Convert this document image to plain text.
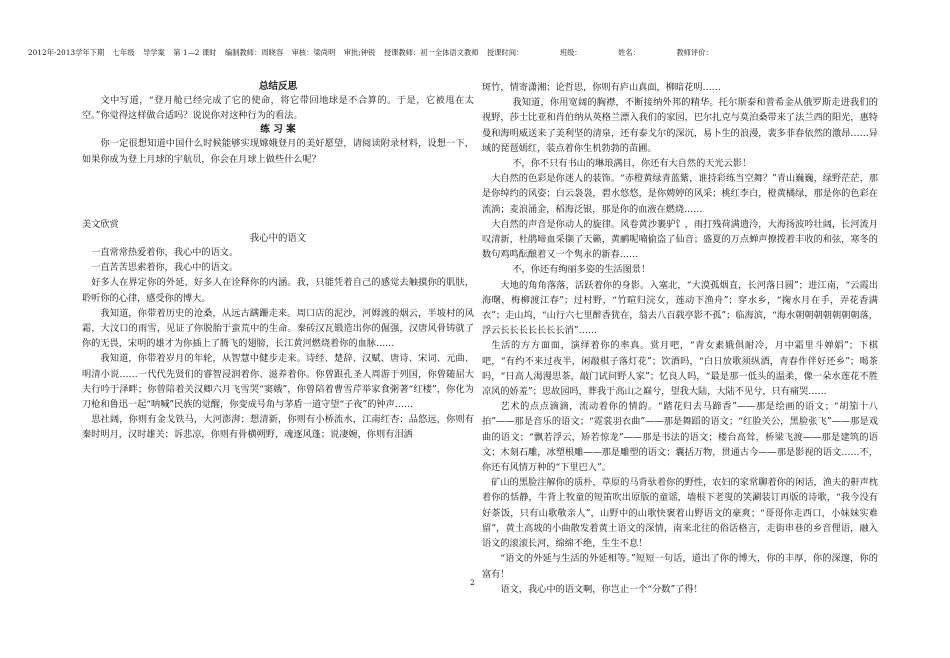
2012年-2013学年下期 七年级 导学案 第 1—2 课时 编制教师：周晓容 审核：梁尚明 审批;钟锐 授课教师：初一全体语文教师 授课时间：	班级：	姓名：	教师评价：

总结反思

文中写道，“登月舱已经完成了它的使命，将它带回地球是不合算的。于是，它被甩在太空。”你觉得这样做合适吗？说说你对这种行为的看法。

练 习 案

你一定很想知道中国什么时候能够实现嫦娥登月的美好愿望，请阅读附录材料，设想一下，如果你成为登上月球的宇航员，你会在月球上做些什么呢？

美文欣赏

我心中的语文

一直常常热爱着你，我心中的语文。

一直苦苦思索着你，我心中的语文。

好多人在界定你的外延，好多人在诠释你的内涵。我，只能凭着自己的感觉去触摸你的肌肤，聆听你的心律，感受你的博大。

我知道，你带着历史的沧桑，从远古蹒跚走来。周口店的泥沙，河姆渡的烟云，半坡村的风霜，大汶口的雨雪，见证了你脱胎于蛮荒中的生命。秦砖汉瓦锻造出你的倔强，汉唐风骨铸就了你的无畏，宋明的雄才为你插上了腾飞的翅膀，长江黄河燃烧着你的血脉……

我知道，你带着岁月的年轮，从智慧中健步走来。诗经、楚辞、汉赋、唐诗、宋词、元曲、明清小说……一代代先贤们的睿智浸润着你、滋养着你。你曾跟孔圣人周游于列国，你曾随屈大夫行吟于泽畔；你曾陪着关汉卿六月飞雪哭“窦娥”，你曾陪着曹雪芹举家食粥著“红楼”，你化为刀枪和鲁迅一起“呐喊”民族的觉醒，你变成号角与茅盾一道守望“子夜”的钟声……

思社阔，你则有金戈铁马，大河澎湃；想清新，你则有小桥流水，江南红杏；品悠远，你则有秦时明月，汉时雄关；诉悲凉，你则有骨横朔野，魂逐风蓬；说凄婉，你则有泪洒

斑竹，情寄潇湘；论哲思，你则有庐山真面，柳暗花明……

我知道，你用宽阔的胸襟，不断接纳外邦的精华。托尔斯泰和普希金从俄罗斯走进我们的视野，莎士比亚和肖伯纳从英格兰漂入我们的家园，巴尔扎克与莫泊桑带来了法兰西的阳光，惠特曼和海明威送来了美利坚的清泉，还有泰戈尔的深沉，易卜生的浪漫，裴多菲春依然的激昂……异域的琵琶嫣红，装点着你生机勃勃的苗圃。

不，你不只有书山的琳琅满目，你还有大自然的天光云影！

大自然的色彩是你迷人的装饰。“赤橙黄绿青蓝紫，谁持彩练当空舞？”青山巍巍，绿野茫茫，那是你绰约的风姿；白云袅袅，碧水悠悠，是你娉婷的风采；桃红李白，橙黄橘绿，那是你的色彩在流淌；麦浪涌金，稻海泛银，那是你的血液在燃烧……

大自然的声音是你动人的旋律。风卷黄沙裹驴饣，雨打残荷满遗泠，大海扬波吟壮阔，长河流月叹清新，杜鹃啼血采撷了天籁，黄鹂呢喃偷盗了仙音；盛夏的万点蝉声撩拨着丰收的和弦，寒冬的数句鸡鸣酝酿着又一个隽永的新春……

不，你还有绚丽多姿的生活图景！

大地的角角落落，活跃着你的身影。入塞北，“大漠孤烟直，长河落日圆”；进江南，“云霞出海曙，梅柳渡江春”；过村野，“竹暄归浣女，莲动下渔舟”；穿水乡，“掬水月在手，弄花香满衣”；走山坞，“山行六七里醉香犹在，翁去八百载亭影不孤”；临海滨，“海水朝朝朝朝朝朝朝落，浮云长长长长长长长消”……

生活的方方面面，演绎着你的率真。赏月吧，“青女素娥俱耐冷，月中霜里斗婵娟”；下棋吧，“有约不来过夜半，闲敲棋子落灯花”；饮酒吗，“白日放歌须纵酒，青春作伴好还乡”；喝茶吗，“日高人渴漫思茶，敲门试问野人家”；忆良人吗，“最是那一低头的温柔，像一朵水莲花不胜凉风的娇羞”；思故园吗，葬我于高山之巅兮，望我大陆，大陆不见兮，只有痛哭……

艺术的点点滴滴，流动着你的情韵。“踏花归去马蹄香”——那是绘画的语文；“胡笳十八拍”——那是音乐的语文；“霓裳羽衣曲”——那是舞蹈的语文；“红脸关公，黑脸张飞”——那是戏曲的语文；“飘若浮云，矫若惊龙”——那是书法的语文；楼台高耸，桥梁飞渡——那是建筑的语文；木刻石雕，冰塑根雕——那是雕塑的语文；囊括万物，贯通古今——那是影视的语文……不，你还有风情万种的“下里巴人”。

矿山的黑脸注解你的质朴，草原的马背驮着你的野性，农妇的家常聊着你的闲话，渔夫的鼾声枕着你的恬静，牛背上牧童的短笛吹出原版的童谣，墙根下老叟的笑涮装订再版的诗歌，“我今没有好茶饭，只有山歌敬亲人”，山野中的山歌快褒着山野语文的豪爽；“哥哥你走西口，小妹妹实难留”，黄土高坡的小曲散发着黄土语文的深情，南来北往的俗话格言，走街串巷的乡音俚语，融入语文的滚滚长河，绵绵不绝，生生不息！

“语文的外延与生活的外延相等。”短短一句话，道出了你的博大，你的丰厚，你的深邃，你的富有！

语文，我心中的语文啊，你岂止一个“分数”了得！

2
